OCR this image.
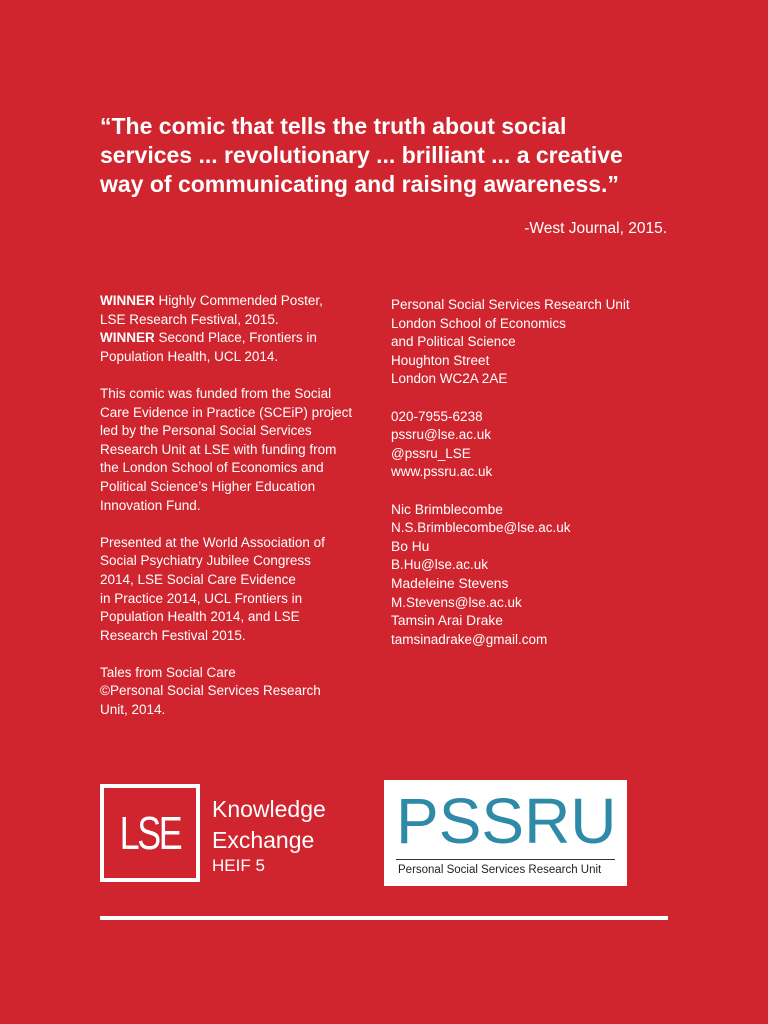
“The comic that tells the truth about social
services ... revolutionary ... brilliant ... a creative
way of communicating and raising awareness.”
-West Journal, 2015.
WINNER Highly Commended Poster,
LSE Research Festival, 2015.
WINNER Second Place, Frontiers in
Population Health, UCL 2014.
This comic was funded from the Social
Care Evidence in Practice (SCEiP) project
led by the Personal Social Services
Research Unit at LSE with funding from
the London School of Economics and
Political Science’s Higher Education
Innovation Fund.
Presented at the World Association of
Social Psychiatry Jubilee Congress
2014, LSE Social Care Evidence
in Practice 2014, UCL Frontiers in
Population Health 2014, and LSE
Research Festival 2015.
Tales from Social Care
©Personal Social Services Research
Unit, 2014.
Personal Social Services Research Unit
London School of Economics
and Political Science
Houghton Street
London WC2A 2AE
020-7955-6238
pssru@lse.ac.uk
@pssru_LSE
www.pssru.ac.uk
Nic Brimblecombe
N.S.Brimblecombe@lse.ac.uk
Bo Hu
B.Hu@lse.ac.uk
Madeleine Stevens
M.Stevens@lse.ac.uk
Tamsin Arai Drake
tamsinadrake@gmail.com
LSE Knowledge
Exchange
HEIF 5
PSSRU
Personal Social Services Research Unit
